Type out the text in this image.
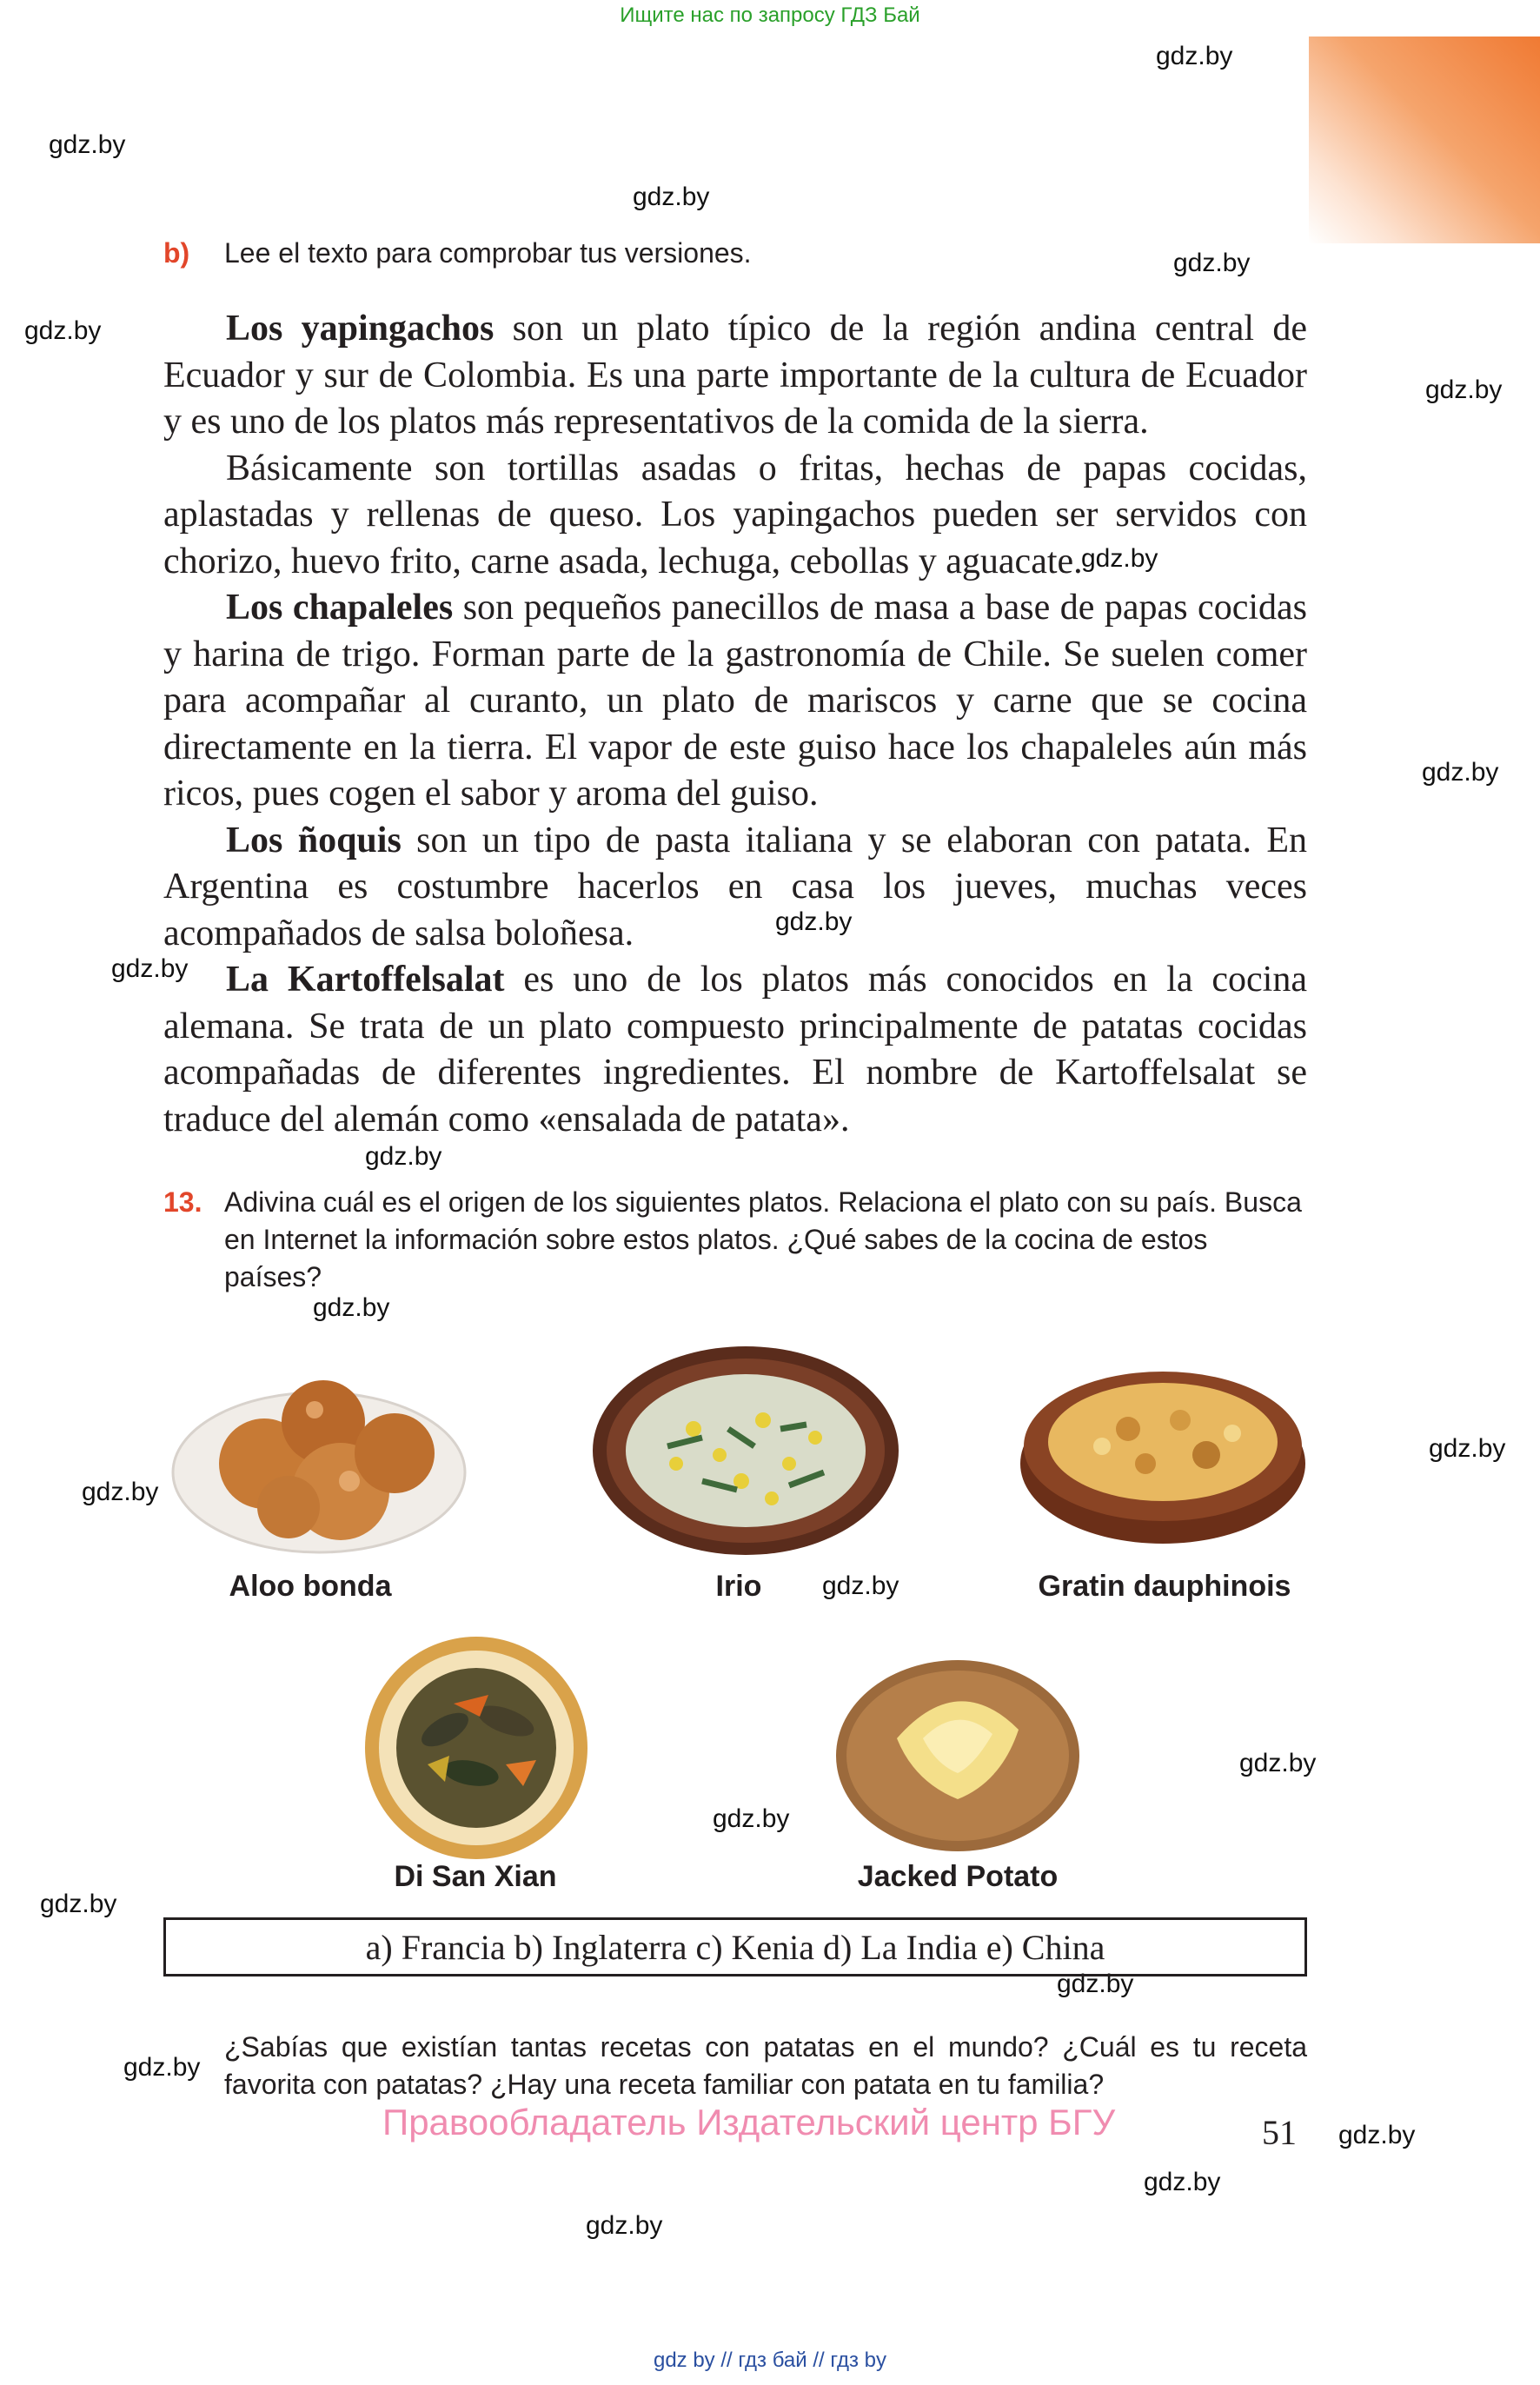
Ищите нас по запросу ГДЗ Бай
gdz.by
gdz.by
gdz.by
gdz.by
gdz.by
gdz.by
gdz.by
gdz.by
gdz.by
gdz.by
gdz.by
gdz.by
gdz.by
gdz.by
gdz.by
gdz.by
gdz.by
gdz.by
gdz.by
gdz.by
gdz.by
gdz.by
gdz.by
b) Lee el texto para comprobar tus versiones.

Los yapingachos son un plato típico de la región andina central de Ecuador y sur de Colombia. Es una parte importante de la cultura de Ecuador y es uno de los platos más representativos de la comida de la sierra.

Básicamente son tortillas asadas o fritas, hechas de papas cocidas, aplastadas y rellenas de queso. Los yapingachos pueden ser servidos con chorizo, huevo frito, carne asada, lechuga, cebollas y aguacate.

Los chapaleles son pequeños panecillos de masa a base de papas cocidas y harina de trigo. Forman parte de la gastronomía de Chile. Se suelen comer para acompañar al curanto, un plato de mariscos y carne que se cocina directamente en la tierra. El vapor de este guiso hace los chapaleles aún más ricos, pues cogen el sabor y aroma del guiso.

Los ñoquis son un tipo de pasta italiana y se elaboran con patata. En Argentina es costumbre hacerlos en casa los jueves, muchas veces acompañados de salsa boloñesa.

La Kartoffelsalat es uno de los platos más conocidos en la cocina alemana. Se trata de un plato compuesto principalmente de patatas cocidas acompañadas de diferentes ingredientes. El nombre de Kartoffelsalat se traduce del alemán como «ensalada de patata».

13. Adivina cuál es el origen de los siguientes platos. Relaciona el plato con su país. Busca en Internet la información sobre estos platos. ¿Qué sabes de la cocina de estos países?
Aloo bonda	Irio	Gratin dauphinois
Di San Xian	Jacked Potato
a) Francia b) Inglaterra c) Kenia d) La India e) China
¿Sabías que existían tantas recetas con patatas en el mundo? ¿Cuál es tu receta favorita con patatas? ¿Hay una receta familiar con patata en tu familia?
Правообладатель Издательский центр БГУ	51
gdz by // гдз бай // гдз by
